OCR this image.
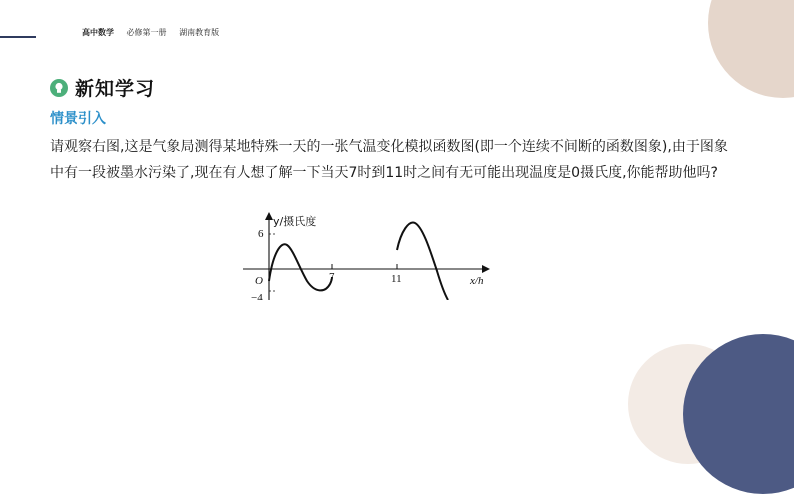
高中数学 必修第一册 湖南教育版
新知学习
情景引入
请观察右图,这是气象局测得某地特殊一天的一张气温变化模拟函数图(即一个连续不间断的函数图象),由于图象中有一段被墨水污染了,现在有人想了解一下当天7时到11时之间有无可能出现温度是0摄氏度,你能帮助他吗?
y/摄氏度
x/h
O
6
−4
7	11
